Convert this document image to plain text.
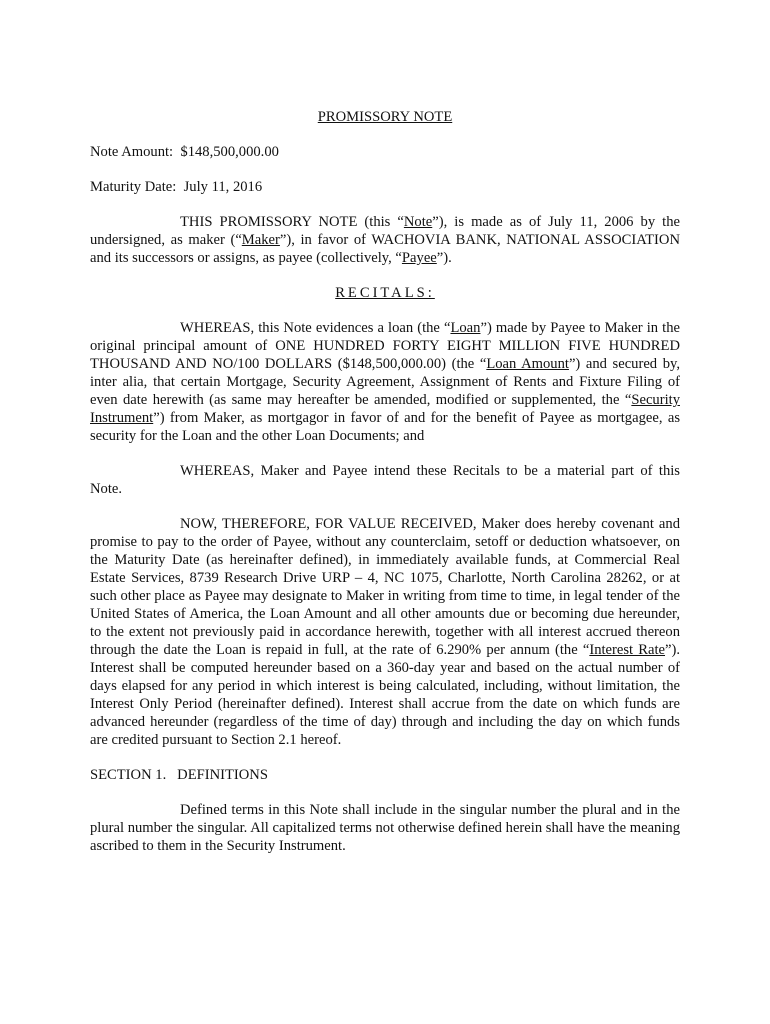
PROMISSORY NOTE
Note Amount: $148,500,000.00
Maturity Date: July 11, 2016

THIS PROMISSORY NOTE (this “Note”), is made as of July 11, 2006 by the undersigned, as maker (“Maker”), in favor of WACHOVIA BANK, NATIONAL ASSOCIATION and its successors or assigns, as payee (collectively, “Payee”).

RECITALS:

WHEREAS, this Note evidences a loan (the “Loan”) made by Payee to Maker in the original principal amount of ONE HUNDRED FORTY EIGHT MILLION FIVE HUNDRED THOUSAND AND NO/100 DOLLARS ($148,500,000.00) (the “Loan Amount”) and secured by, inter alia, that certain Mortgage, Security Agreement, Assignment of Rents and Fixture Filing of even date herewith (as same may hereafter be amended, modified or supplemented, the “Security Instrument”) from Maker, as mortgagor in favor of and for the benefit of Payee as mortgagee, as security for the Loan and the other Loan Documents; and

WHEREAS, Maker and Payee intend these Recitals to be a material part of this Note.

NOW, THEREFORE, FOR VALUE RECEIVED, Maker does hereby covenant and promise to pay to the order of Payee, without any counterclaim, setoff or deduction whatsoever, on the Maturity Date (as hereinafter defined), in immediately available funds, at Commercial Real Estate Services, 8739 Research Drive URP – 4, NC 1075, Charlotte, North Carolina 28262, or at such other place as Payee may designate to Maker in writing from time to time, in legal tender of the United States of America, the Loan Amount and all other amounts due or becoming due hereunder, to the extent not previously paid in accordance herewith, together with all interest accrued thereon through the date the Loan is repaid in full, at the rate of 6.290% per annum (the “Interest Rate”). Interest shall be computed hereunder based on a 360-day year and based on the actual number of days elapsed for any period in which interest is being calculated, including, without limitation, the Interest Only Period (hereinafter defined). Interest shall accrue from the date on which funds are advanced hereunder (regardless of the time of day) through and including the day on which funds are credited pursuant to Section 2.1 hereof.

SECTION 1.   DEFINITIONS

Defined terms in this Note shall include in the singular number the plural and in the plural number the singular. All capitalized terms not otherwise defined herein shall have the meaning ascribed to them in the Security Instrument.
